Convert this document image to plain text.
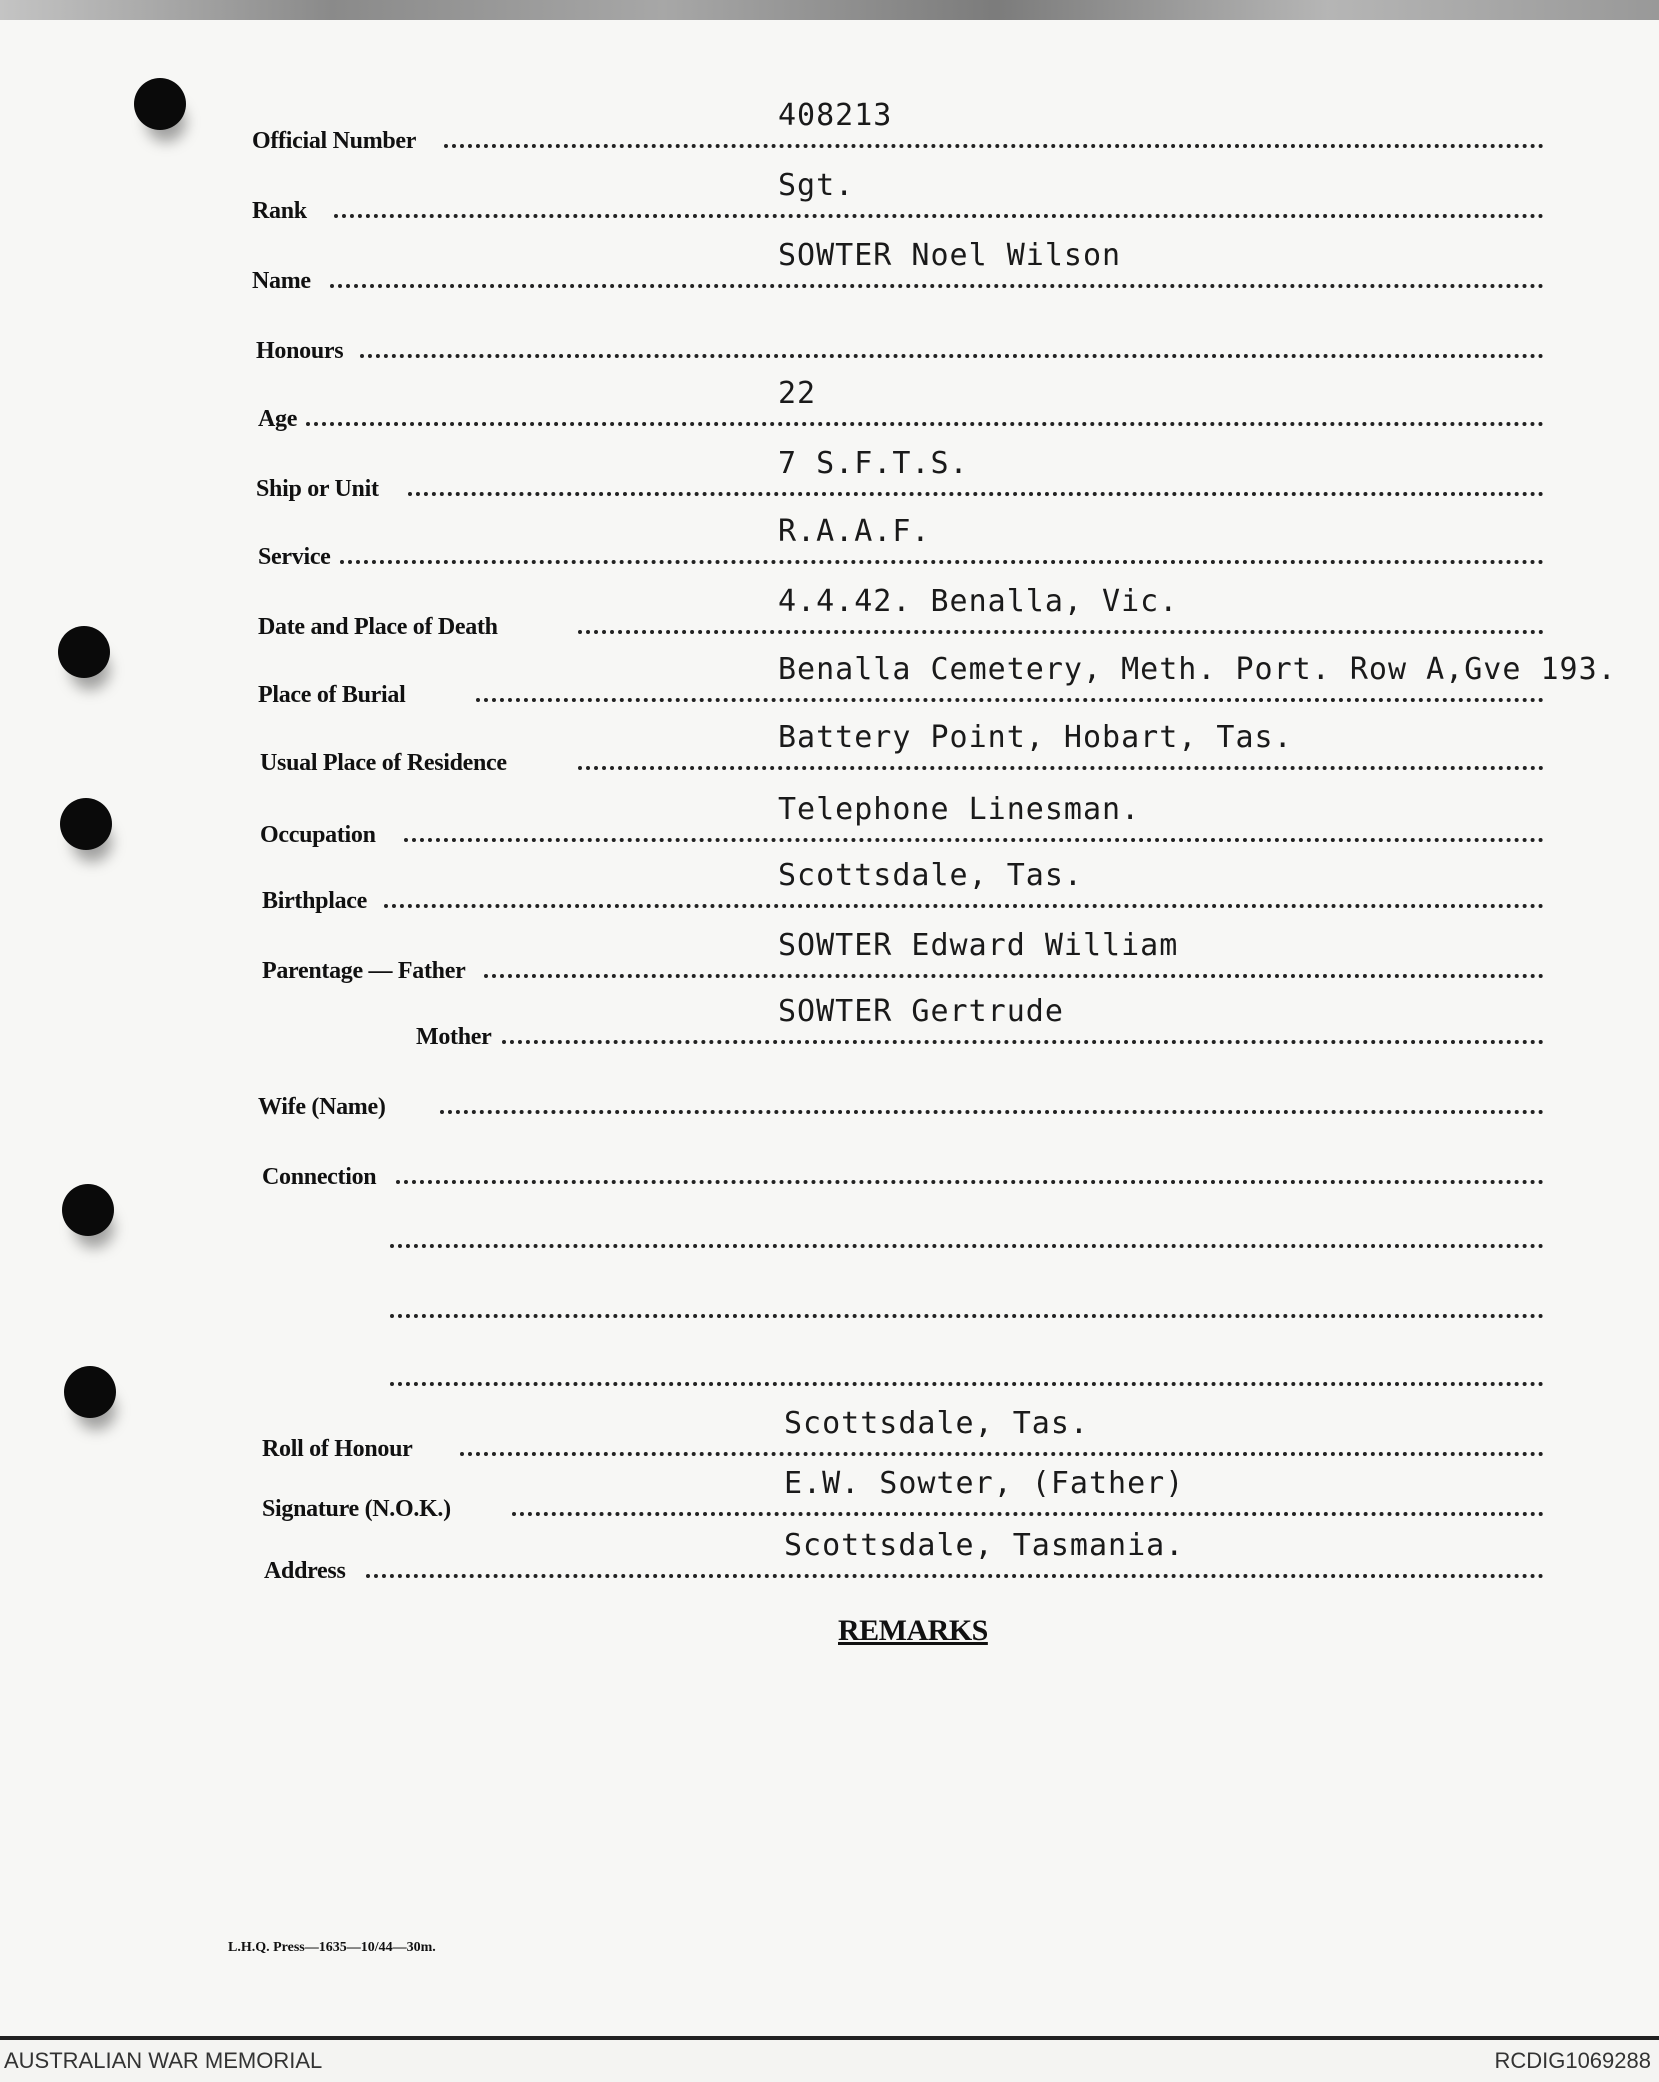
Official Number
408213
Rank
Sgt.
Name
SOWTER Noel Wilson
Honours
Age
22
Ship or Unit
7 S.F.T.S.
Service
R.A.A.F.
Date and Place of Death
4.4.42. Benalla, Vic.
Place of Burial
Benalla Cemetery, Meth. Port. Row A,Gve 193.
Usual Place of Residence
Battery Point, Hobart, Tas.
Occupation
Telephone Linesman.
Birthplace
Scottsdale, Tas.
Parentage — Father
SOWTER Edward William
Mother
SOWTER Gertrude
Wife (Name)
Connection
Roll of Honour
Scottsdale, Tas.
Signature (N.O.K.)
E.W. Sowter, (Father)
Address
Scottsdale, Tasmania.
REMARKS
L.H.Q. Press—1635—10/44—30m.
AUSTRALIAN WAR MEMORIAL	RCDIG1069288
